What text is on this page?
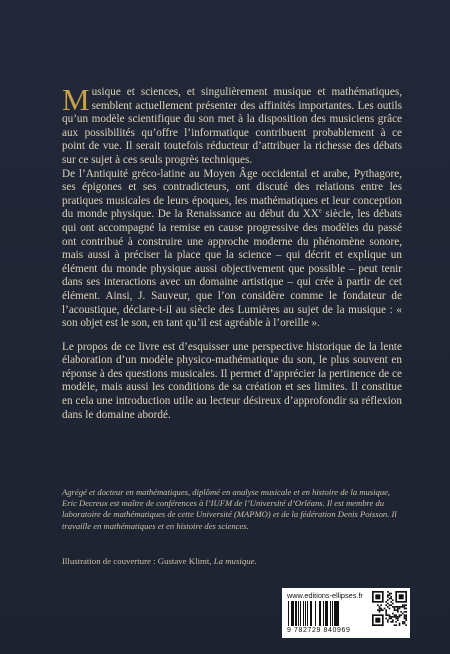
Musique et sciences, et singulièrement musique et mathématiques, semblent actuellement présenter des affinités importantes. Les outils qu’un modèle scientifique du son met à la disposition des musiciens grâce aux possibilités qu’offre l’informatique contribuent probablement à ce point de vue. Il serait toutefois réducteur d’attribuer la richesse des débats sur ce sujet à ces seuls progrès techniques.

De l’Antiquité gréco-latine au Moyen Âge occidental et arabe, Pythagore, ses épigones et ses contradicteurs, ont discuté des relations entre les pratiques musicales de leurs époques, les mathématiques et leur conception du monde physique. De la Renaissance au début du XXe siècle, les débats qui ont accompagné la remise en cause progressive des modèles du passé ont contribué à construire une approche moderne du phénomène sonore, mais aussi à préciser la place que la science – qui décrit et explique un élément du monde physique aussi objectivement que possible – peut tenir dans ses interactions avec un domaine artistique – qui crée à partir de cet élément. Ainsi, J. Sauveur, que l’on considère comme le fondateur de l’acoustique, déclare-t-il au siècle des Lumières au sujet de la musique : « son objet est le son, en tant qu’il est agréable à l’oreille ».

Le propos de ce livre est d’esquisser une perspective historique de la lente élaboration d’un modèle physico-mathématique du son, le plus souvent en réponse à des questions musicales. Il permet d’apprécier la pertinence de ce modèle, mais aussi les conditions de sa création et ses limites. Il constitue en cela une introduction utile au lecteur désireux d’approfondir sa réflexion dans le domaine abordé.

Agrégé et docteur en mathématiques, diplômé en analyse musicale et en histoire de la musique, Eric Decreux est maître de conférences à l’IUFM de l’Université d’Orléans. Il est membre du laboratoire de mathématiques de cette Université (MAPMO) et de la fédération Denis Poisson. Il travaille en mathématiques et en histoire des sciences.
Illustration de couverture : Gustave Klimt, La musique.
www.editions-ellipses.fr
9 782729 840969
